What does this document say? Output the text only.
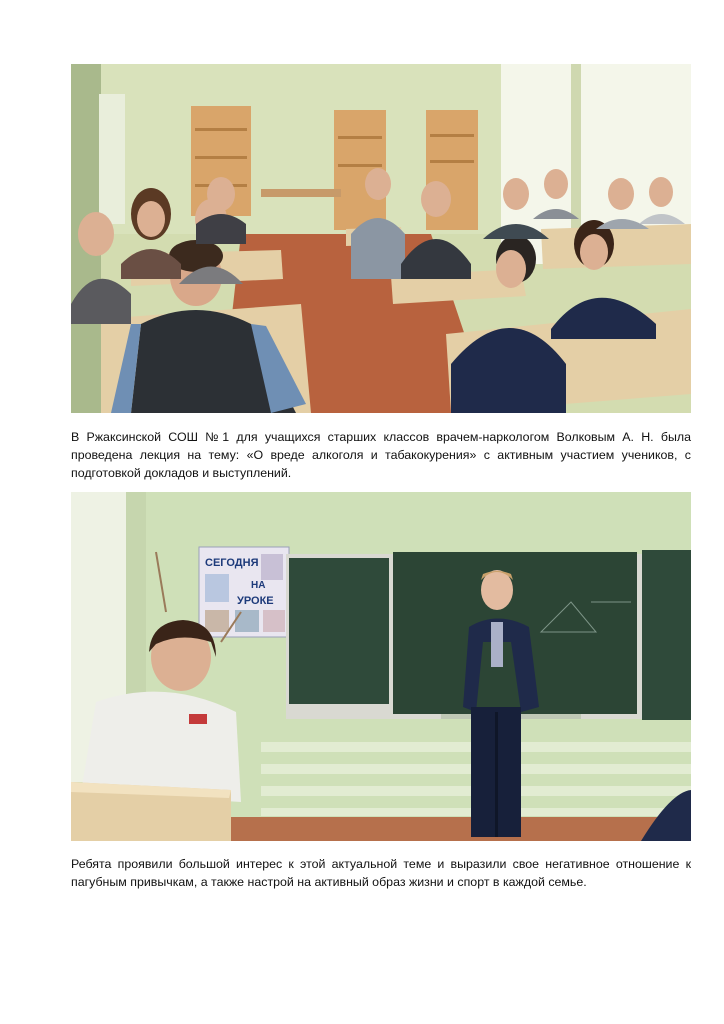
В Ржаксинской СОШ №1 для учащихся старших классов врачем-наркологом Волковым А. Н. была проведена лекция на тему: «О вреде алкоголя и табакокурения» с активным участием учеников, с подготовкой докладов и выступлений.

СЕГОДНЯ
НА
УРОКЕ

Ребята проявили большой интерес к этой актуальной теме и выразили свое негативное отношение к пагубным привычкам, а также настрой на активный образ жизни и спорт в каждой семье.
